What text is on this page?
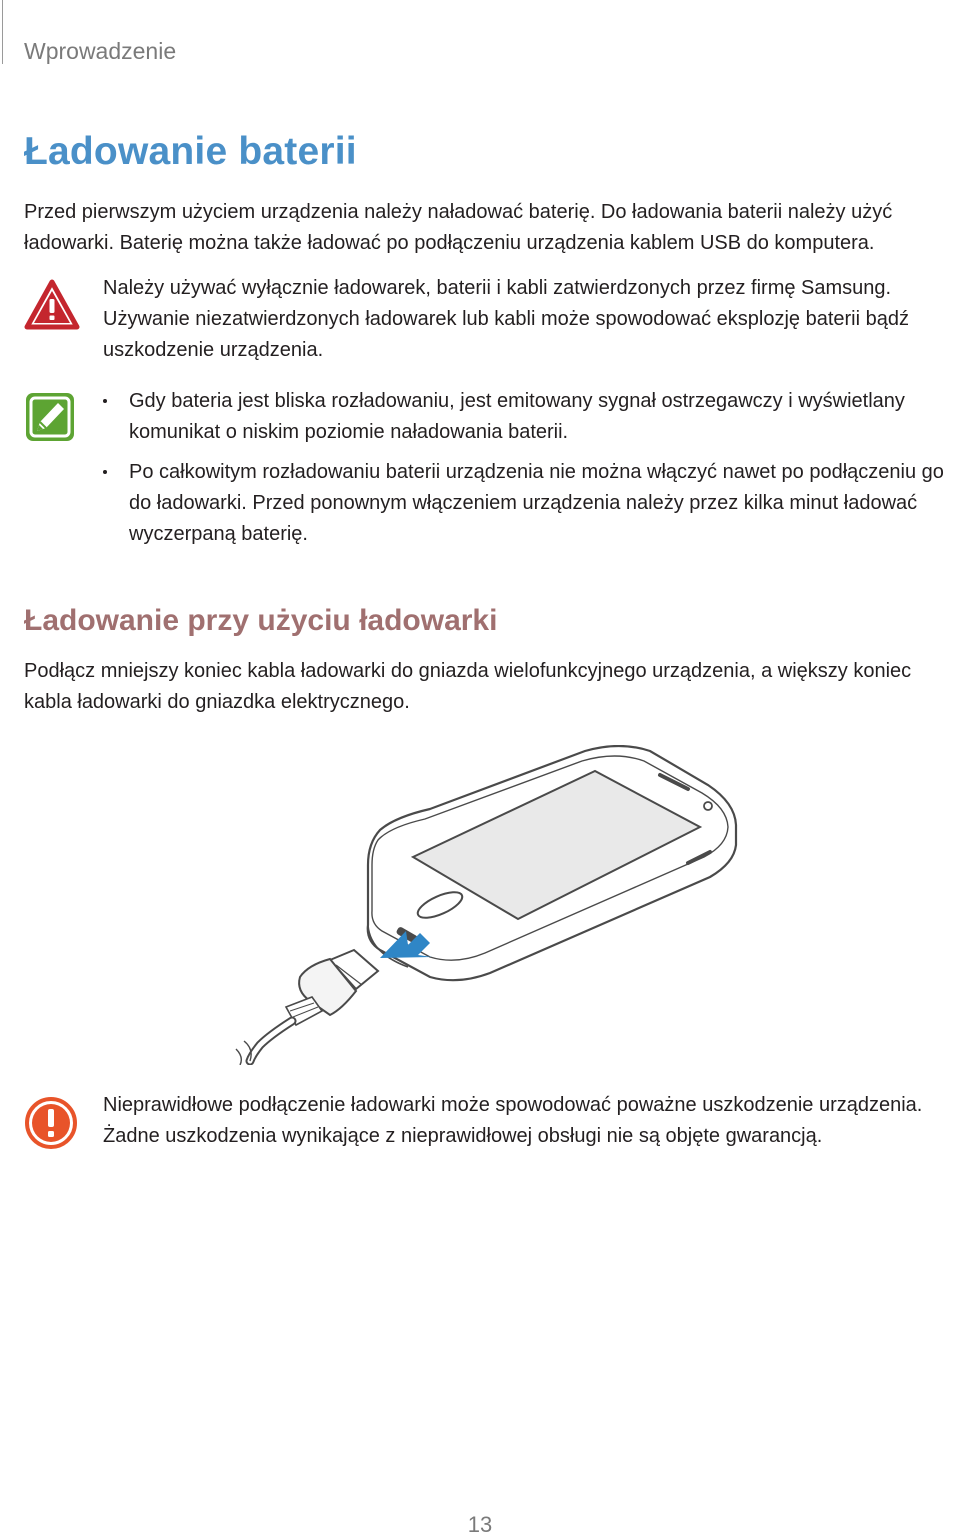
Wprowadzenie
Ładowanie baterii

Przed pierwszym użyciem urządzenia należy naładować baterię. Do ładowania baterii należy użyć ładowarki. Baterię można także ładować po podłączeniu urządzenia kablem USB do komputera.

Należy używać wyłącznie ładowarek, baterii i kabli zatwierdzonych przez firmę Samsung. Używanie niezatwierdzonych ładowarek lub kabli może spowodować eksplozję baterii bądź uszkodzenie urządzenia.

Gdy bateria jest bliska rozładowaniu, jest emitowany sygnał ostrzegawczy i wyświetlany komunikat o niskim poziomie naładowania baterii.
Po całkowitym rozładowaniu baterii urządzenia nie można włączyć nawet po podłączeniu go do ładowarki. Przed ponownym włączeniem urządzenia należy przez kilka minut ładować wyczerpaną baterię.
Ładowanie przy użyciu ładowarki

Podłącz mniejszy koniec kabla ładowarki do gniazda wielofunkcyjnego urządzenia, a większy koniec kabla ładowarki do gniazdka elektrycznego.

Nieprawidłowe podłączenie ładowarki może spowodować poważne uszkodzenie urządzenia. Żadne uszkodzenia wynikające z nieprawidłowej obsługi nie są objęte gwarancją.

13
